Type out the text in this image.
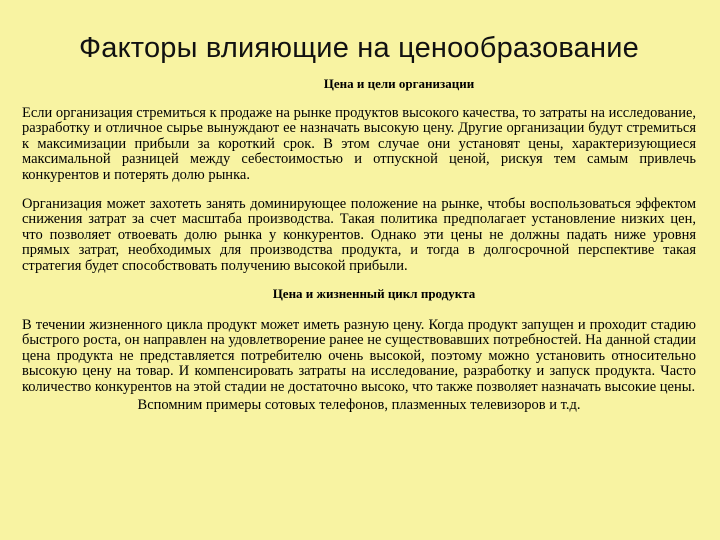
Факторы влияющие на ценообразование

Цена и цели организации

Если организация стремиться к продаже на рынке продуктов высокого качества, то затраты на исследование, разработку и отличное сырье вынуждают ее назначать высокую цену. Другие организации будут стремиться к максимизации прибыли за короткий срок. В этом случае они установят цены, характеризующиеся максимальной разницей между себестоимостью и отпускной ценой, рискуя тем самым привлечь конкурентов и потерять долю рынка.

Организация может захотеть занять доминирующее положение на рынке, чтобы воспользоваться эффектом снижения затрат за счет масштаба производства. Такая политика предполагает установление низких цен, что позволяет отвоевать долю рынка у конкурентов. Однако эти цены не должны падать ниже уровня прямых затрат, необходимых для производства продукта, и тогда в долгосрочной перспективе такая стратегия будет способствовать получению высокой прибыли.

Цена и жизненный цикл продукта

В течении жизненного цикла продукт может иметь разную цену. Когда продукт запущен и проходит стадию быстрого роста, он направлен на удовлетворение ранее не существовавших потребностей. На данной стадии цена продукта не представляется потребителю очень высокой, поэтому можно установить относительно высокую цену на товар. И компенсировать затраты на исследование, разработку и запуск продукта. Часто количество конкурентов на этой стадии не достаточно высоко, что также позволяет назначать высокие цены.

Вспомним примеры сотовых телефонов, плазменных телевизоров и т.д.
